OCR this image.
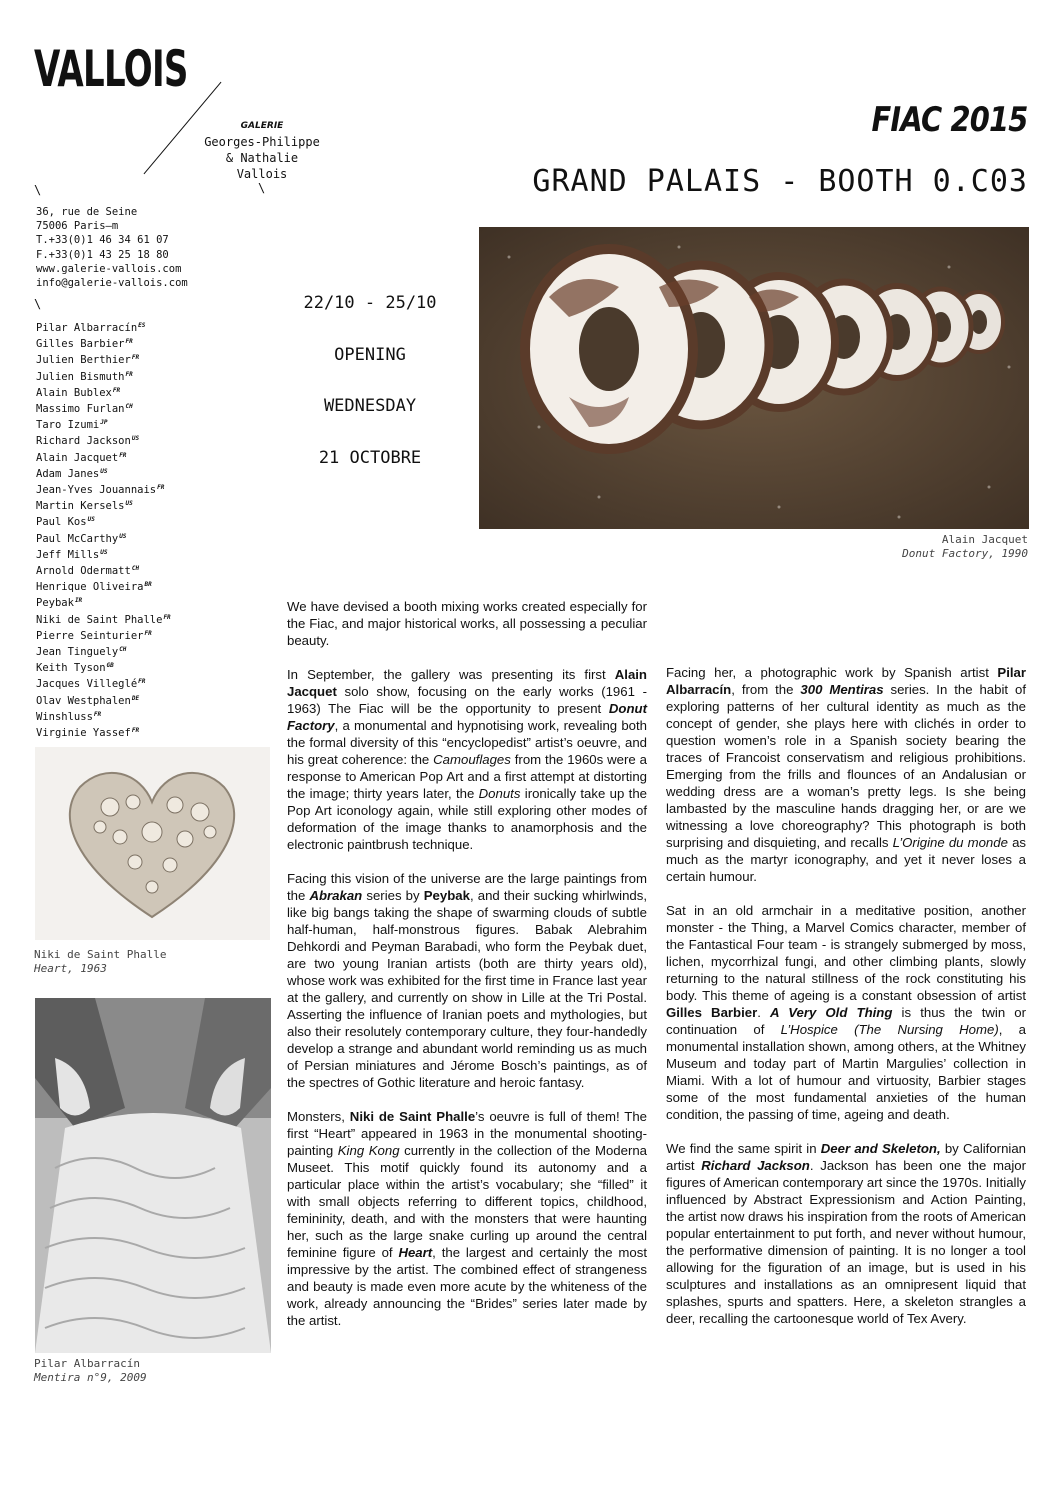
VALLOIS
GALERIE
Georges-Philippe
& Nathalie
Vallois
\
\
36, rue de Seine
75006 Paris—m
T.+33(0)1 46 34 61 07
F.+33(0)1 43 25 18 80
www.galerie-vallois.com
info@galerie-vallois.com
\
Pilar Albarracín$^{ES}$
Gilles Barbier$^{FR}$
Julien Berthier$^{FR}$
Julien Bismuth$^{FR}$
Alain Bublex$^{FR}$
Massimo Furlan$^{CH}$
Taro Izumi$^{JP}$
Richard Jackson$^{US}$
Alain Jacquet$^{FR}$
Adam Janes$^{US}$
Jean-Yves Jouannais$^{FR}$
Martin Kersels$^{US}$
Paul Kos$^{US}$
Paul McCarthy$^{US}$
Jeff Mills$^{US}$
Arnold Odermatt$^{CH}$
Henrique Oliveira$^{BR}$
Peybak$^{IR}$
Niki de Saint Phalle$^{FR}$
Pierre Seinturier$^{FR}$
Jean Tinguely$^{CH}$
Keith Tyson$^{GB}$
Jacques Villeglé$^{FR}$
Olav Westphalen$^{DE}$
Winshluss$^{FR}$
Virginie Yassef$^{FR}$
FIAC 2015
GRAND PALAIS - BOOTH 0.C03
22/10 - 25/10
OPENING
WEDNESDAY
21 OCTOBRE
Alain Jacquet
Donut Factory, 1990
Niki de Saint Phalle
Heart, 1963
Pilar Albarracín
Mentira n°9, 2009

We have devised a booth mixing works created especially for the Fiac, and major historical works, all possessing a peculiar beauty.

In September, the gallery was presenting its first Alain Jacquet solo show, focusing on the early works (1961 - 1963) The Fiac will be the opportunity to present Donut Factory, a monumental and hypnotising work, revealing both the formal diversity of this “encyclopedist” artist’s oeuvre, and his great coherence: the Camouflages from the 1960s were a response to American Pop Art and a first attempt at distorting the image; thirty years later, the Donuts ironically take up the Pop Art iconology again, while still exploring other modes of deformation of the image thanks to anamorphosis and the electronic paintbrush technique.

Facing this vision of the universe are the large paintings from the Abrakan series by Peybak, and their sucking whirlwinds, like big bangs taking the shape of swarming clouds of subtle half-human, half-monstrous figures. Babak Alebrahim Dehkordi and Peyman Barabadi, who form the Peybak duet, are two young Iranian artists (both are thirty years old), whose work was exhibited for the first time in France last year at the gallery, and currently on show in Lille at the Tri Postal. Asserting the influence of Iranian poets and mythologies, but also their resolutely contemporary culture, they four-handedly develop a strange and abundant world reminding us as much of Persian miniatures and Jérome Bosch’s paintings, as of the spectres of Gothic literature and heroic fantasy.

Monsters, Niki de Saint Phalle’s oeuvre is full of them! The first “Heart” appeared in 1963 in the monumental shooting-painting King Kong currently in the collection of the Moderna Museet. This motif quickly found its autonomy and a particular place within the artist’s vocabulary; she “filled” it with small objects referring to different topics, childhood, femininity, death, and with the monsters that were haunting her, such as the large snake curling up around the central feminine figure of Heart, the largest and certainly the most impressive by the artist. The combined effect of strangeness and beauty is made even more acute by the whiteness of the work, already announcing the “Brides” series later made by the artist.

Facing her, a photographic work by Spanish artist Pilar Albarracín, from the 300 Mentiras series. In the habit of exploring patterns of her cultural identity as much as the concept of gender, she plays here with clichés in order to question women’s role in a Spanish society bearing the traces of Francoist conservatism and religious prohibitions. Emerging from the frills and flounces of an Andalusian or wedding dress are a woman’s pretty legs. Is she being lambasted by the masculine hands dragging her, or are we witnessing a love choreography? This photograph is both surprising and disquieting, and recalls L’Origine du monde as much as the martyr iconography, and yet it never loses a certain humour.

Sat in an old armchair in a meditative position, another monster - the Thing, a Marvel Comics character, member of the Fantastical Four team - is strangely submerged by moss, lichen, mycorrhizal fungi, and other climbing plants, slowly returning to the natural stillness of the rock constituting his body. This theme of ageing is a constant obsession of artist Gilles Barbier. A Very Old Thing is thus the twin or continuation of L’Hospice (The Nursing Home), a monumental installation shown, among others, at the Whitney Museum and today part of Martin Margulies’ collection in Miami. With a lot of humour and virtuosity, Barbier stages some of the most fundamental anxieties of the human condition, the passing of time, ageing and death.

We find the same spirit in Deer and Skeleton, by Californian artist Richard Jackson. Jackson has been one the major figures of American contemporary art since the 1970s. Initially influenced by Abstract Expressionism and Action Painting, the artist now draws his inspiration from the roots of American popular entertainment to put forth, and never without humour, the performative dimension of painting. It is no longer a tool allowing for the figuration of an image, but is used in his sculptures and installations as an omnipresent liquid that splashes, spurts and spatters. Here, a skeleton strangles a deer, recalling the cartoonesque world of Tex Avery.
